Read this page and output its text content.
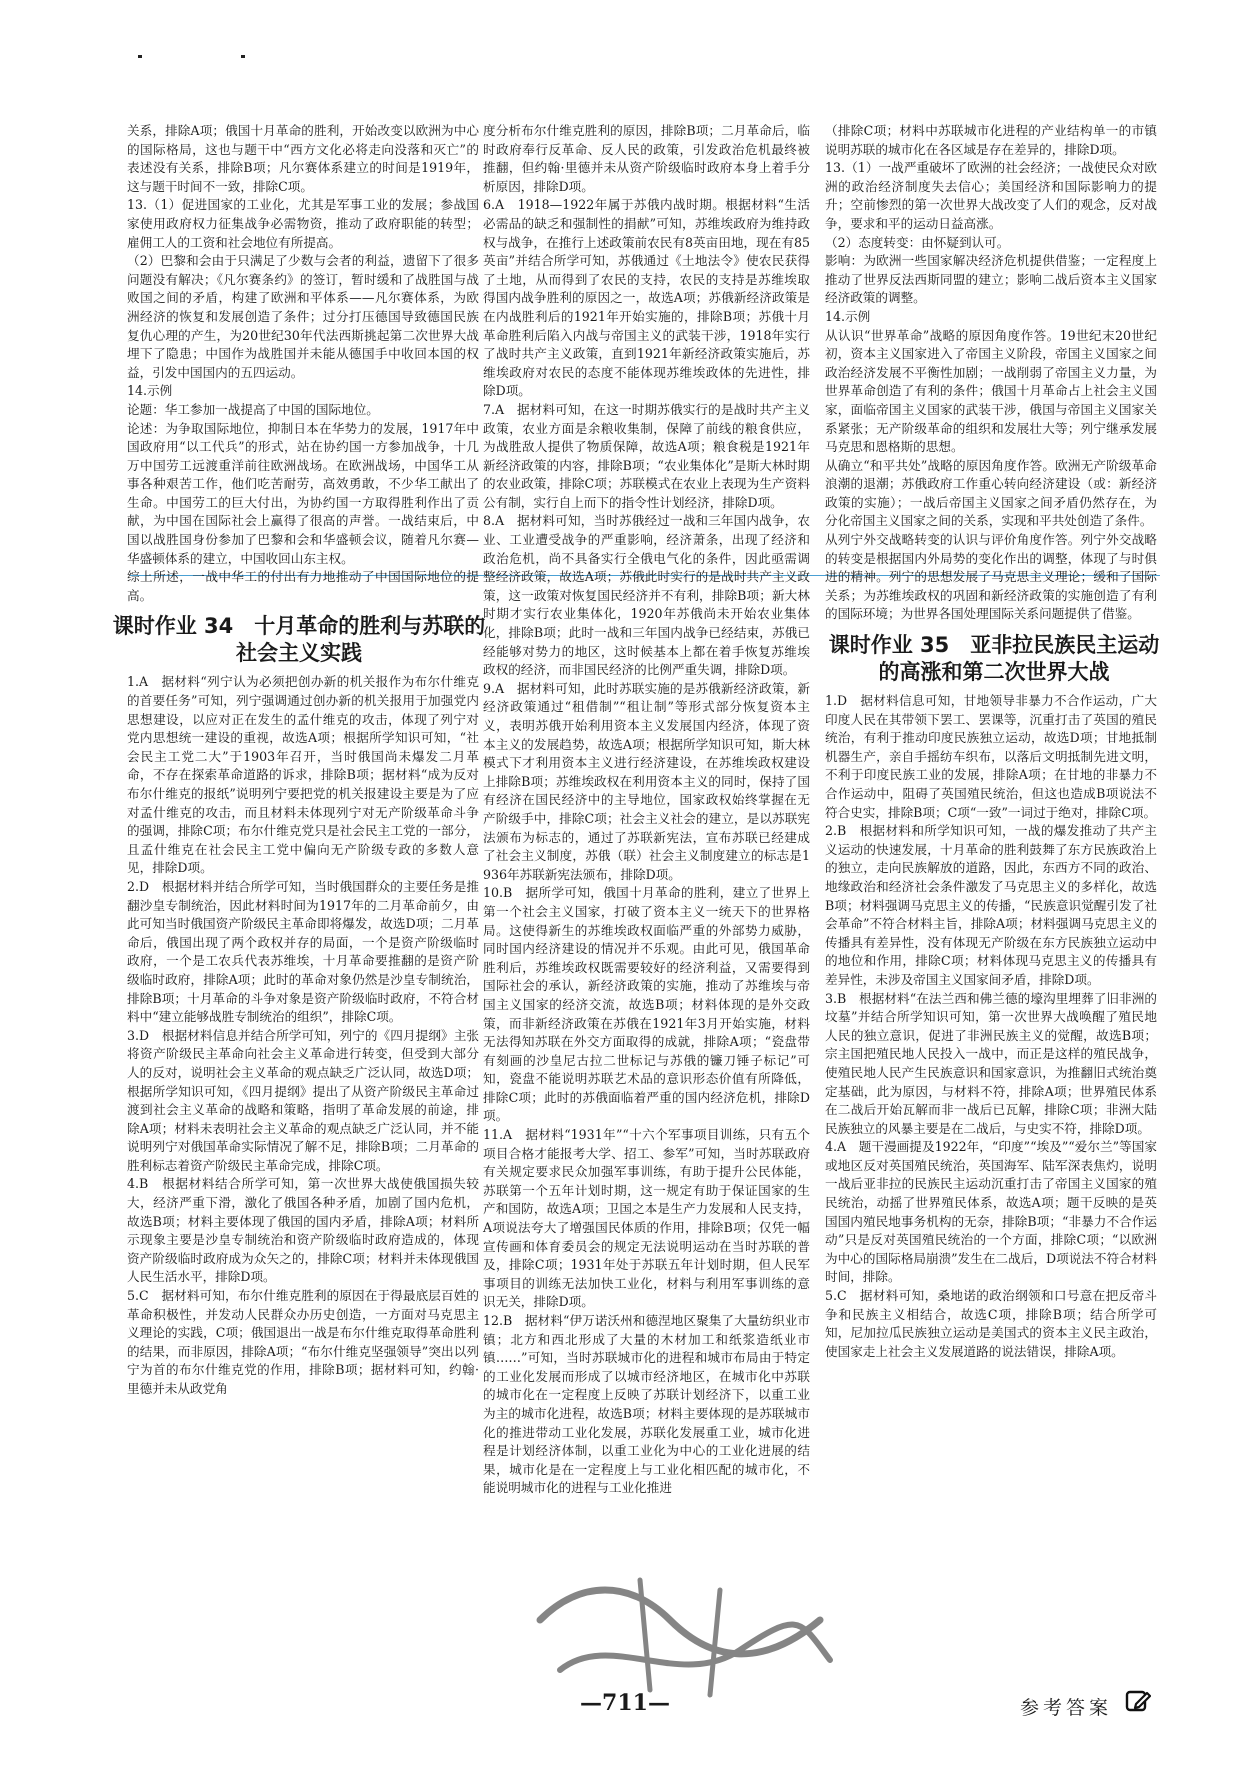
关系，排除A项；俄国十月革命的胜利，开始改变以欧洲为中心的国际格局，这也与题干中“西方文化必将走向没落和灭亡”的表述没有关系，排除B项；凡尔赛体系建立的时间是1919年，这与题干时间不一致，排除C项。

13.（1）促进国家的工业化，尤其是军事工业的发展；参战国家使用政府权力征集战争必需物资，推动了政府职能的转型；雇佣工人的工资和社会地位有所提高。

（2）巴黎和会由于只满足了少数与会者的利益，遗留下了很多问题没有解决；《凡尔赛条约》的签订，暂时缓和了战胜国与战败国之间的矛盾，构建了欧洲和平体系——凡尔赛体系，为欧洲经济的恢复和发展创造了条件；过分打压德国导致德国民族复仇心理的产生，为20世纪30年代法西斯挑起第二次世界大战埋下了隐患；中国作为战胜国并未能从德国手中收回本国的权益，引发中国国内的五四运动。

14.示例

论题：华工参加一战提高了中国的国际地位。

论述：为争取国际地位，抑制日本在华势力的发展，1917年中国政府用“以工代兵”的形式，站在协约国一方参加战争，十几万中国劳工远渡重洋前往欧洲战场。在欧洲战场，中国华工从事各种艰苦工作，他们吃苦耐劳，高效勇敢，不少华工献出了生命。中国劳工的巨大付出，为协约国一方取得胜利作出了贡献，为中国在国际社会上赢得了很高的声誉。一战结束后，中国以战胜国身份参加了巴黎和会和华盛顿会议，随着凡尔赛—华盛顿体系的建立，中国收回山东主权。

综上所述，一战中华工的付出有力地推动了中国国际地位的提高。

课时作业 34　十月革命的胜利与苏联的社会主义实践

1.A　据材料“列宁认为必须把创办新的机关报作为布尔什维克的首要任务”可知，列宁强调通过创办新的机关报用于加强党内思想建设，以应对正在发生的孟什维克的攻击，体现了列宁对党内思想统一建设的重视，故选A项；根据所学知识可知，“社会民主工党二大”于1903年召开，当时俄国尚未爆发二月革命，不存在探索革命道路的诉求，排除B项；据材料“成为反对布尔什维克的报纸”说明列宁要把党的机关报建设主要是为了应对孟什维克的攻击，而且材料未体现列宁对无产阶级革命斗争的强调，排除C项；布尔什维克党只是社会民主工党的一部分，且孟什维克在社会民主工党中偏向无产阶级专政的多数人意见，排除D项。

2.D　根据材料并结合所学可知，当时俄国群众的主要任务是推翻沙皇专制统治，因此材料时间为1917年的二月革命前夕，由此可知当时俄国资产阶级民主革命即将爆发，故选D项；二月革命后，俄国出现了两个政权并存的局面，一个是资产阶级临时政府，一个是工农兵代表苏维埃，十月革命要推翻的是资产阶级临时政府，排除A项；此时的革命对象仍然是沙皇专制统治，排除B项；十月革命的斗争对象是资产阶级临时政府，不符合材料中“建立能够战胜专制统治的组织”，排除C项。

3.D　根据材料信息并结合所学可知，列宁的《四月提纲》主张将资产阶级民主革命向社会主义革命进行转变，但受到大部分人的反对，说明社会主义革命的观点缺乏广泛认同，故选D项；根据所学知识可知，《四月提纲》提出了从资产阶级民主革命过渡到社会主义革命的战略和策略，指明了革命发展的前途，排除A项；材料未表明社会主义革命的观点缺乏广泛认同，并不能说明列宁对俄国革命实际情况了解不足，排除B项；二月革命的胜利标志着资产阶级民主革命完成，排除C项。

4.B　根据材料结合所学可知，第一次世界大战使俄国损失较大，经济严重下滑，激化了俄国各种矛盾，加剧了国内危机，故选B项；材料主要体现了俄国的国内矛盾，排除A项；材料所示现象主要是沙皇专制统治和资产阶级临时政府造成的，体现资产阶级临时政府成为众矢之的，排除C项；材料并未体现俄国人民生活水平，排除D项。

5.C　据材料可知，布尔什维克胜利的原因在于得最底层百姓的革命积极性，并发动人民群众办历史创造，一方面对马克思主义理论的实践，C项；俄国退出一战是布尔什维克取得革命胜利的结果，而非原因，排除A项；“布尔什维克坚强领导”突出以列宁为首的布尔什维克党的作用，排除B项；据材料可知，约翰·里德并未从政党角

度分析布尔什维克胜利的原因，排除B项；二月革命后，临时政府奉行反革命、反人民的政策，引发政治危机最终被推翻，但约翰·里德并未从资产阶级临时政府本身上着手分析原因，排除D项。

6.A　1918—1922年属于苏俄内战时期。根据材料“生活必需品的缺乏和强制性的捐献”可知，苏维埃政府为维持政权与战争，在推行上述政策前农民有8英亩田地，现在有85英亩”并结合所学可知，苏俄通过《土地法令》使农民获得了土地，从而得到了农民的支持，农民的支持是苏维埃取得国内战争胜利的原因之一，故选A项；苏俄新经济政策是在内战胜利后的1921年开始实施的，排除B项；苏俄十月革命胜利后陷入内战与帝国主义的武装干涉，1918年实行了战时共产主义政策，直到1921年新经济政策实施后，苏维埃政府对农民的态度不能体现苏维埃政体的先进性，排除D项。

7.A　据材料可知，在这一时期苏俄实行的是战时共产主义政策，农业方面是余粮收集制，保障了前线的粮食供应，为战胜敌人提供了物质保障，故选A项；粮食税是1921年新经济政策的内容，排除B项；“农业集体化”是斯大林时期的农业政策，排除C项；苏联模式在农业上表现为生产资料公有制，实行自上而下的指令性计划经济，排除D项。

8.A　据材料可知，当时苏俄经过一战和三年国内战争，农业、工业遭受战争的严重影响，经济萧条，出现了经济和政治危机，尚不具备实行全俄电气化的条件，因此亟需调整经济政策，故选A项；苏俄此时实行的是战时共产主义政策，这一政策对恢复国民经济并不有利，排除B项；新大林时期才实行农业集体化，1920年苏俄尚未开始农业集体化，排除B项；此时一战和三年国内战争已经结束，苏俄已经能够对势力的地区，这时候基本上都在着手恢复苏维埃政权的经济，而非国民经济的比例严重失调，排除D项。

9.A　据材料可知，此时苏联实施的是苏俄新经济政策，新经济政策通过“租借制”“租让制”等形式部分恢复资本主义，表明苏俄开始利用资本主义发展国内经济，体现了资本主义的发展趋势，故选A项；根据所学知识可知，斯大林模式下才利用资本主义进行经济建设，在苏维埃政权建设上排除B项；苏维埃政权在利用资本主义的同时，保持了国有经济在国民经济中的主导地位，国家政权始终掌握在无产阶级手中，排除C项；社会主义社会的建立，是以苏联宪法颁布为标志的，通过了苏联新宪法，宣布苏联已经建成了社会主义制度，苏俄（联）社会主义制度建立的标志是1936年苏联新宪法颁布，排除D项。

10.B　据所学可知，俄国十月革命的胜利，建立了世界上第一个社会主义国家，打破了资本主义一统天下的世界格局。这使得新生的苏维埃政权面临严重的外部势力威胁，同时国内经济建设的情况并不乐观。由此可见，俄国革命胜利后，苏维埃政权既需要较好的经济利益，又需要得到国际社会的承认，新经济政策的实施，推动了苏维埃与帝国主义国家的经济交流，故选B项；材料体现的是外交政策，而非新经济政策在苏俄在1921年3月开始实施，材料无法得知苏联在外交方面取得的成就，排除A项；“瓷盘带有刻画的沙皇尼古拉二世标记与苏俄的镰刀锤子标记”可知，瓷盘不能说明苏联艺术品的意识形态价值有所降低，排除C项；此时的苏俄面临着严重的国内经济危机，排除D项。

11.A　据材料“1931年”“十六个军事项目训练，只有五个项目合格才能报考大学、招工、参军”可知，当时苏联政府有关规定要求民众加强军事训练，有助于提升公民体能，苏联第一个五年计划时期，这一规定有助于保证国家的生产和国防，故选A项；卫国之本是生产力发展和人民支持，A项说法夸大了增强国民体质的作用，排除B项；仅凭一幅宣传画和体育委员会的规定无法说明运动在当时苏联的普及，排除C项；1931年处于苏联五年计划时期，但人民军事项目的训练无法加快工业化，材料与利用军事训练的意识无关，排除D项。

12.B　据材料“伊万诺沃州和德涅地区聚集了大量纺织业市镇；北方和西北形成了大量的木材加工和纸浆造纸业市镇……”可知，当时苏联城市化的进程和城市布局由于特定的工业化发展而形成了以城市经济地区，在城市化中苏联的城市化在一定程度上反映了苏联计划经济下，以重工业为主的城市化进程，故选B项；材料主要体现的是苏联城市化的推进带动工业化发展，苏联化发展重工业，城市化进程是计划经济体制，以重工业化为中心的工业化进展的结果，城市化是在一定程度上与工业化相匹配的城市化，不能说明城市化的进程与工业化推进

（排除C项；材料中苏联城市化进程的产业结构单一的市镇说明苏联的城市化在各区域是存在差异的，排除D项。

13.（1）一战严重破坏了欧洲的社会经济；一战使民众对欧洲的政治经济制度失去信心；美国经济和国际影响力的提升；空前惨烈的第一次世界大战改变了人们的观念，反对战争，要求和平的运动日益高涨。

（2）态度转变：由怀疑到认可。

影响：为欧洲一些国家解决经济危机提供借鉴；一定程度上推动了世界反法西斯同盟的建立；影响二战后资本主义国家经济政策的调整。

14.示例

从认识“世界革命”战略的原因角度作答。19世纪末20世纪初，资本主义国家进入了帝国主义阶段，帝国主义国家之间政治经济发展不平衡性加剧；一战削弱了帝国主义力量，为世界革命创造了有利的条件；俄国十月革命占上社会主义国家，面临帝国主义国家的武装干涉，俄国与帝国主义国家关系紧张；无产阶级革命的组织和发展壮大等；列宁继承发展马克思和恩格斯的思想。

从确立“和平共处”战略的原因角度作答。欧洲无产阶级革命浪潮的退潮；苏俄政府工作重心转向经济建设（或：新经济政策的实施）；一战后帝国主义国家之间矛盾仍然存在，为分化帝国主义国家之间的关系，实现和平共处创造了条件。

从列宁外交战略转变的认识与评价角度作答。列宁外交战略的转变是根据国内外局势的变化作出的调整，体现了与时俱进的精神。列宁的思想发展了马克思主义理论；缓和了国际关系；为苏维埃政权的巩固和新经济政策的实施创造了有利的国际环境；为世界各国处理国际关系问题提供了借鉴。

课时作业 35　亚非拉民族民主运动的高涨和第二次世界大战

1.D　据材料信息可知，甘地领导非暴力不合作运动，广大印度人民在其带领下罢工、罢课等，沉重打击了英国的殖民统治，有利于推动印度民族独立运动，故选D项；甘地抵制机器生产，亲自手摇纺车织布，以落后文明抵制先进文明，不利于印度民族工业的发展，排除A项；在甘地的非暴力不合作运动中，阻碍了英国殖民统治，但这也造成B项说法不符合史实，排除B项；C项“一致”一词过于绝对，排除C项。

2.B　根据材料和所学知识可知，一战的爆发推动了共产主义运动的快速发展，十月革命的胜利鼓舞了东方民族政治上的独立，走向民族解放的道路，因此，东西方不同的政治、地缘政治和经济社会条件激发了马克思主义的多样化，故选B项；材料强调马克思主义的传播，“民族意识觉醒引发了社会革命”不符合材料主旨，排除A项；材料强调马克思主义的传播具有差异性，没有体现无产阶级在东方民族独立运动中的地位和作用，排除C项；材料体现马克思主义的传播具有差异性，未涉及帝国主义国家间矛盾，排除D项。

3.B　根据材料“在法兰西和佛兰德的壕沟里埋葬了旧非洲的坟墓”并结合所学知识可知，第一次世界大战唤醒了殖民地人民的独立意识，促进了非洲民族主义的觉醒，故选B项；宗主国把殖民地人民投入一战中，而正是这样的殖民战争，使殖民地人民产生民族意识和国家意识，为推翻旧式统治奠定基础，此为原因，与材料不符，排除A项；世界殖民体系在二战后开始瓦解而非一战后已瓦解，排除C项；非洲大陆民族独立的风暴主要是在二战后，与史实不符，排除D项。

4.A　题干漫画提及1922年，“印度”“埃及”“爱尔兰”等国家或地区反对英国殖民统治，英国海军、陆军深表焦灼，说明一战后亚非拉的民族民主运动沉重打击了帝国主义国家的殖民统治，动摇了世界殖民体系，故选A项；题干反映的是英国国内殖民地事务机构的无奈，排除B项；“非暴力不合作运动”只是反对英国殖民统治的一个方面，排除C项；“以欧洲为中心的国际格局崩溃”发生在二战后，D项说法不符合材料时间，排除。

5.C　据材料可知，桑地诺的政治纲领和口号意在把反帝斗争和民族主义相结合，故选C项，排除B项；结合所学可知，尼加拉瓜民族独立运动是美国式的资本主义民主政治，使国家走上社会主义发展道路的说法错误，排除A项。

—711—	参考答案
